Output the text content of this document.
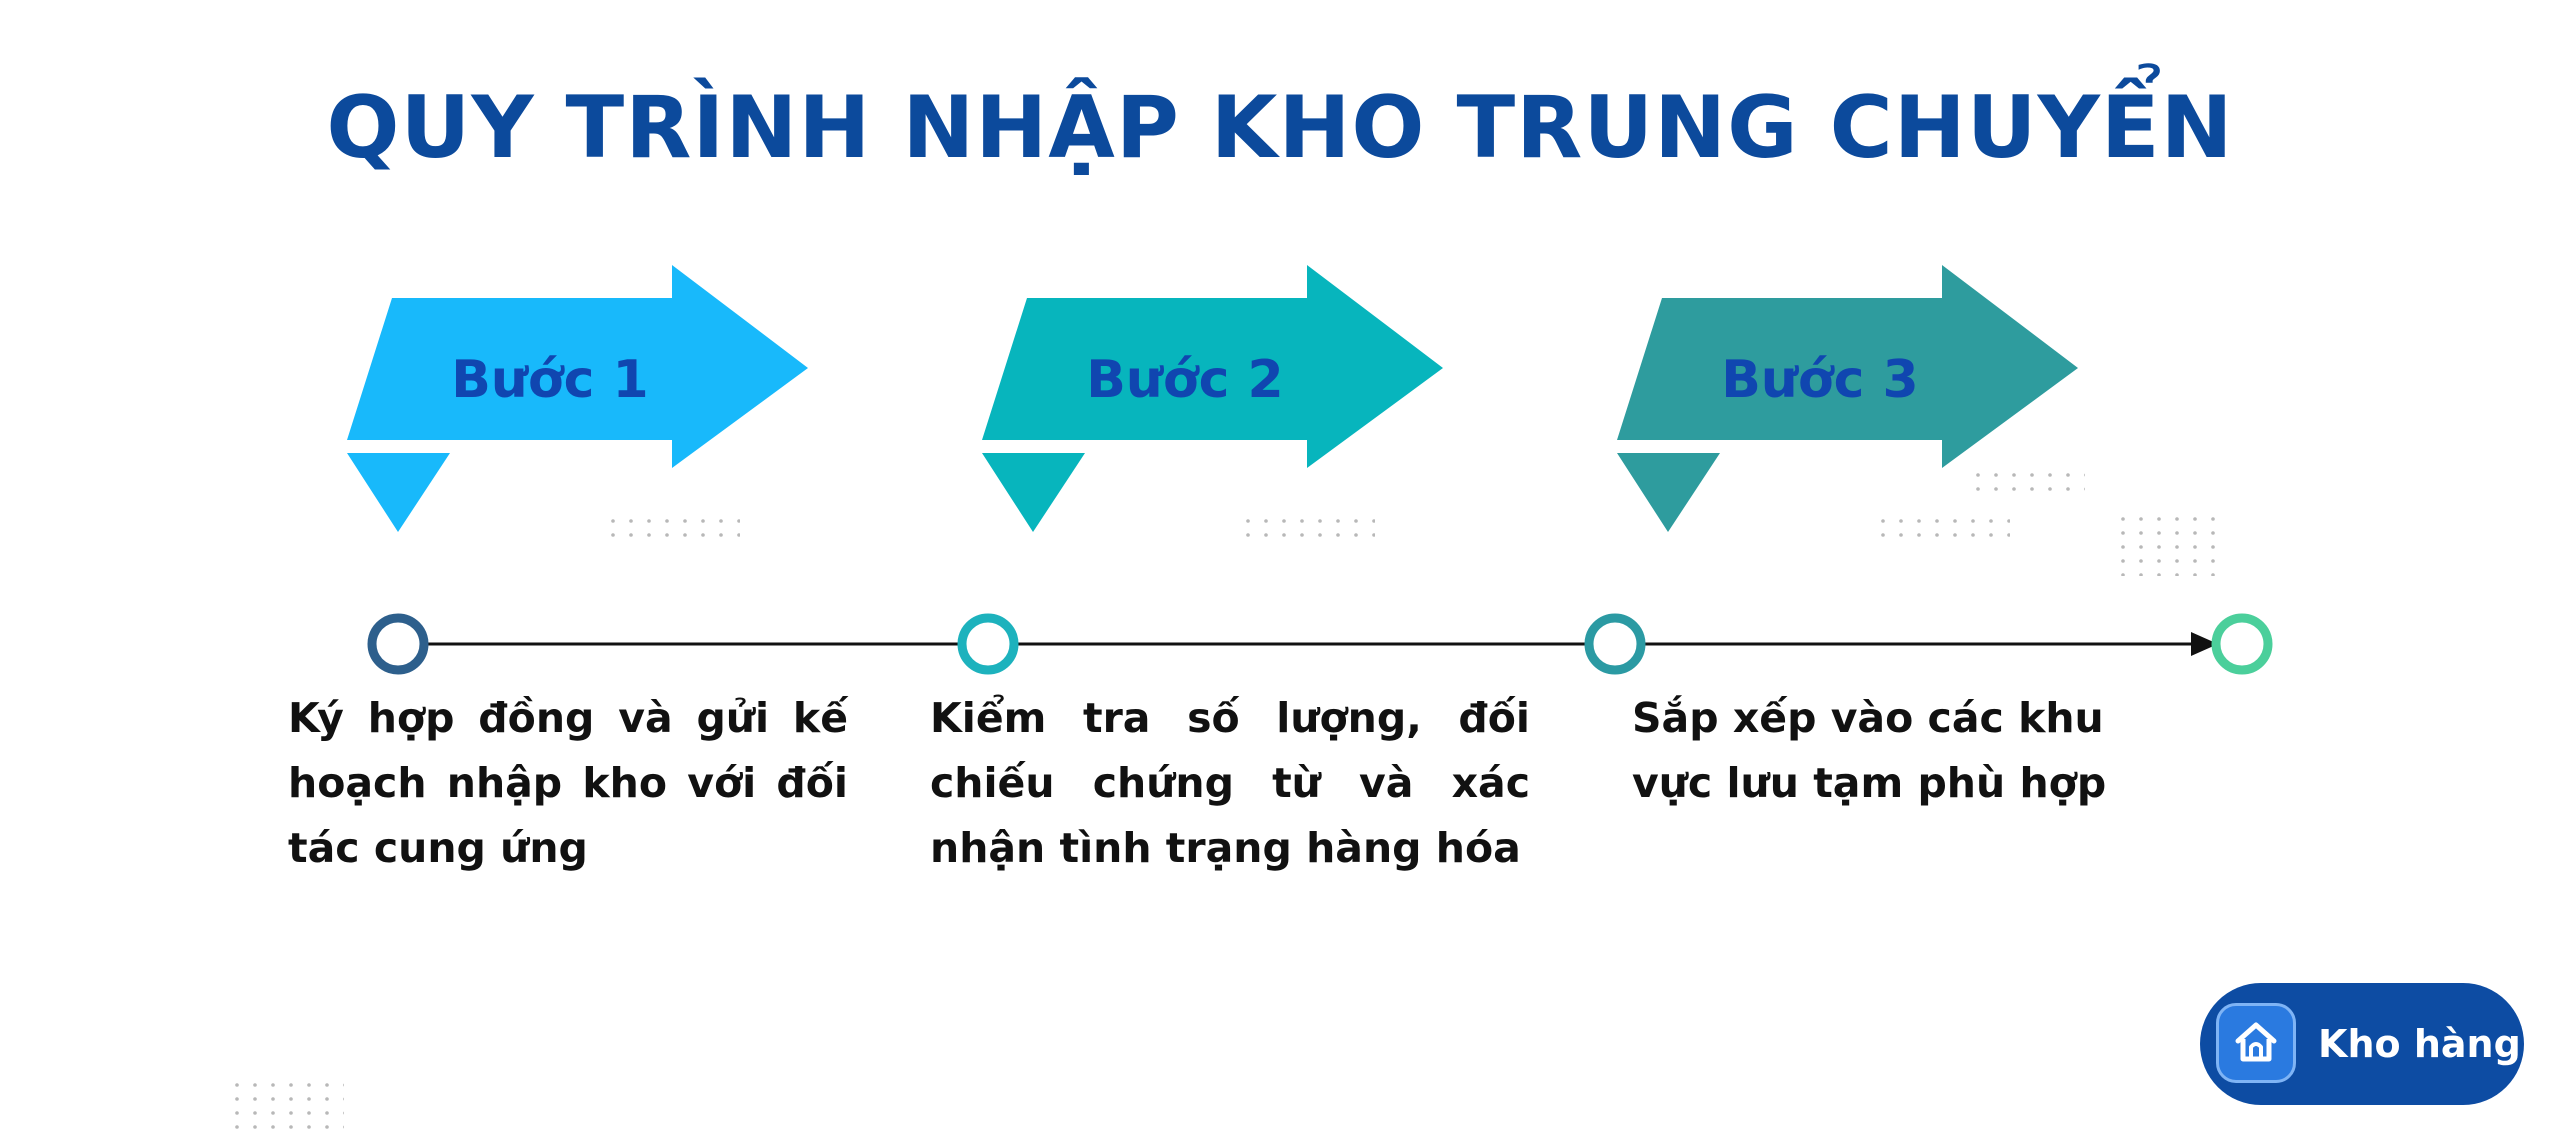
QUY TRÌNH NHẬP KHO TRUNG CHUYỂN
Bước 1	Bước 2	Bước 3
Ký hợp đồng và gửi kế hoạch nhập kho với đối tác cung ứng
Kiểm tra số lượng, đối chiếu chứng từ và xác nhận tình trạng hàng hóa
Sắp xếp vào các khu vực lưu tạm phù hợp
Kho hàng
